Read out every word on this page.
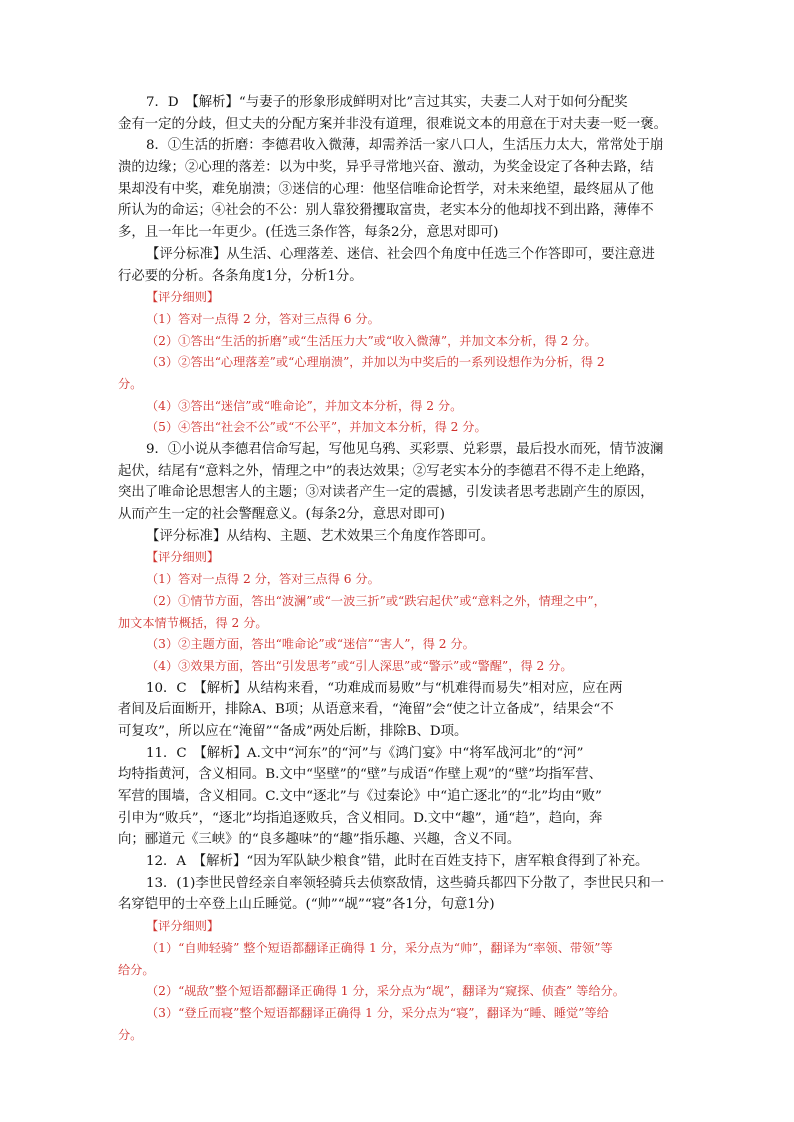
7．D　【解析】“与妻子的形象形成鲜明对比”言过其实，夫妻二人对于如何分配奖
金有一定的分歧，但丈夫的分配方案并非没有道理，很难说文本的用意在于对夫妻一贬一褒。
8．①生活的折磨：李德君收入微薄，却需养活一家八口人，生活压力太大，常常处于崩
溃的边缘；②心理的落差：以为中奖，异乎寻常地兴奋、激动，为奖金设定了各种去路，结
果却没有中奖，难免崩溃；③迷信的心理：他坚信唯命论哲学，对未来绝望，最终屈从了他
所认为的命运；④社会的不公：别人靠狡猾攫取富贵，老实本分的他却找不到出路，薄俸不
多，且一年比一年更少。(任选三条作答，每条2分，意思对即可)
【评分标准】从生活、心理落差、迷信、社会四个角度中任选三个作答即可，要注意进
行必要的分析。各条角度1分，分析1分。
【评分细则】
（1）答对一点得 2 分，答对三点得 6 分。
（2）①答出“生活的折磨”或“生活压力大”或“收入微薄”，并加文本分析，得 2 分。
（3）②答出“心理落差”或“心理崩溃”，并加以为中奖后的一系列设想作为分析，得 2
分。
（4）③答出“迷信”或“唯命论”，并加文本分析，得 2 分。
（5）④答出“社会不公”或“不公平”，并加文本分析，得 2 分。
9．①小说从李德君信命写起，写他见乌鸦、买彩票、兑彩票，最后投水而死，情节波澜
起伏，结尾有“意料之外，情理之中”的表达效果；②写老实本分的李德君不得不走上绝路，
突出了唯命论思想害人的主题；③对读者产生一定的震撼，引发读者思考悲剧产生的原因，
从而产生一定的社会警醒意义。(每条2分，意思对即可)
【评分标准】从结构、主题、艺术效果三个角度作答即可。
【评分细则】
（1）答对一点得 2 分，答对三点得 6 分。
（2）①情节方面，答出“波澜”或“一波三折”或“跌宕起伏”或“意料之外，情理之中”，
加文本情节概括，得 2 分。
（3）②主题方面，答出“唯命论”或“迷信”“害人”，得 2 分。
（4）③效果方面，答出“引发思考”或“引人深思”或“警示”或“警醒”，得 2 分。
10．C　【解析】从结构来看，“功难成而易败”与“机难得而易失”相对应，应在两
者间及后面断开，排除A、B项；从语意来看，“淹留”会“使之计立备成”，结果会“不
可复攻”，所以应在“淹留”“备成”两处后断，排除B、D项。
11．C　【解析】A.文中“河东”的“河”与《鸿门宴》中“将军战河北”的“河”
均特指黄河，含义相同。B.文中“坚壁”的“壁”与成语“作壁上观”的“壁”均指军营、
军营的围墙，含义相同。C.文中“逐北”与《过秦论》中“追亡逐北”的“北”均由“败”
引申为“败兵”，“逐北”均指追逐败兵，含义相同。D.文中“趣”，通“趋”，趋向，奔
向；郦道元《三峡》的“良多趣味”的“趣”指乐趣、兴趣，含义不同。
12．A　【解析】“因为军队缺少粮食”错，此时在百姓支持下，唐军粮食得到了补充。
13．(1)李世民曾经亲自率领轻骑兵去侦察敌情，这些骑兵都四下分散了，李世民只和一
名穿铠甲的士卒登上山丘睡觉。(“帅”“觇”“寝”各1分，句意1分)
【评分细则】
（1）“自帅轻骑” 整个短语都翻译正确得 1 分，采分点为“帅”，翻译为“率领、带领”等
给分。
（2）“觇敌”整个短语都翻译正确得 1 分，采分点为“觇”，翻译为“窥探、侦查” 等给分。
（3）“登丘而寝”整个短语都翻译正确得 1 分，采分点为“寝”，翻译为“睡、睡觉”等给
分。
